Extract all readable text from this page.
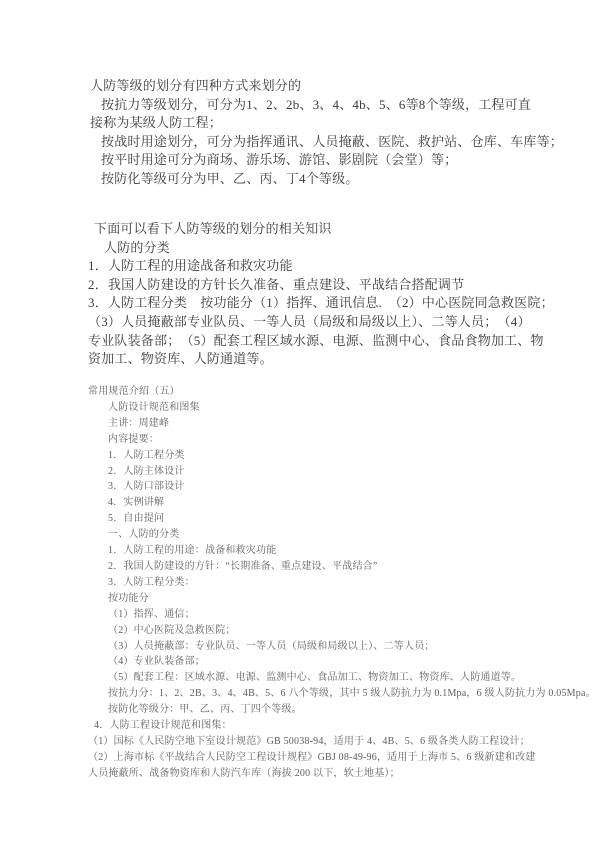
人防等级的划分有四种方式来划分的
按抗力等级划分，可分为1、2、2b、3、4、4b、5、6等8个等级，工程可直
接称为某级人防工程；
按战时用途划分，可分为指挥通讯、人员掩蔽、医院、救护站、仓库、车库等；
按平时用途可分为商场、游乐场、游馆、影剧院（会堂）等；
按防化等级可分为甲、乙、丙、丁4个等级。
下面可以看下人防等级的划分的相关知识
人防的分类
1．人防工程的用途战备和救灾功能
2．我国人防建设的方针长久准备、重点建设、平战结合搭配调节
3．人防工程分类　按功能分（1）指挥、通讯信息.　（2）中心医院同急救医院；
（3）人员掩蔽部专业队员、一等人员（局级和局级以上）、二等人员；　（4）
专业队装备部；　（5）配套工程区域水源、电源、监测中心、食品食物加工、物
资加工、物资库、人防通道等。
常用规范介绍（五）
人防设计规范和图集
主讲：周建峰
内容提要：
1．人防工程分类
2．人防主体设计
3．人防口部设计
4．实例讲解
5．自由提问
一、人防的分类
1．人防工程的用途：战备和救灾功能
2．我国人防建设的方针：“长期准备、重点建设、平战结合”
3．人防工程分类：
按功能分
（1）指挥、通信；
（2）中心医院及急救医院；
（3）人员掩蔽部：专业队员、一等人员（局级和局级以上）、二等人员；
（4）专业队装备部；
（5）配套工程：区域水源、电源、监测中心、食品加工、物资加工、物资库、人防通道等。
按抗力分：1、2、2B、3、4、4B、5、6 八个等级，其中 5 级人防抗力为 0.1Mpa，6 级人防抗力为 0.05Mpa。
按防化等级分：甲、乙、丙、丁四个等级。
4．人防工程设计规范和图集：
（1）国标《人民防空地下室设计规范》GB 50038-94，适用于 4、4B、5、6 级各类人防工程设计；
（2）上海市标《平战结合人民防空工程设计规程》GBJ 08-49-96，适用于上海市 5、6 级新建和改建
人员掩蔽所、战备物资库和人防汽车库（海拔 200 以下，软土地基）；
